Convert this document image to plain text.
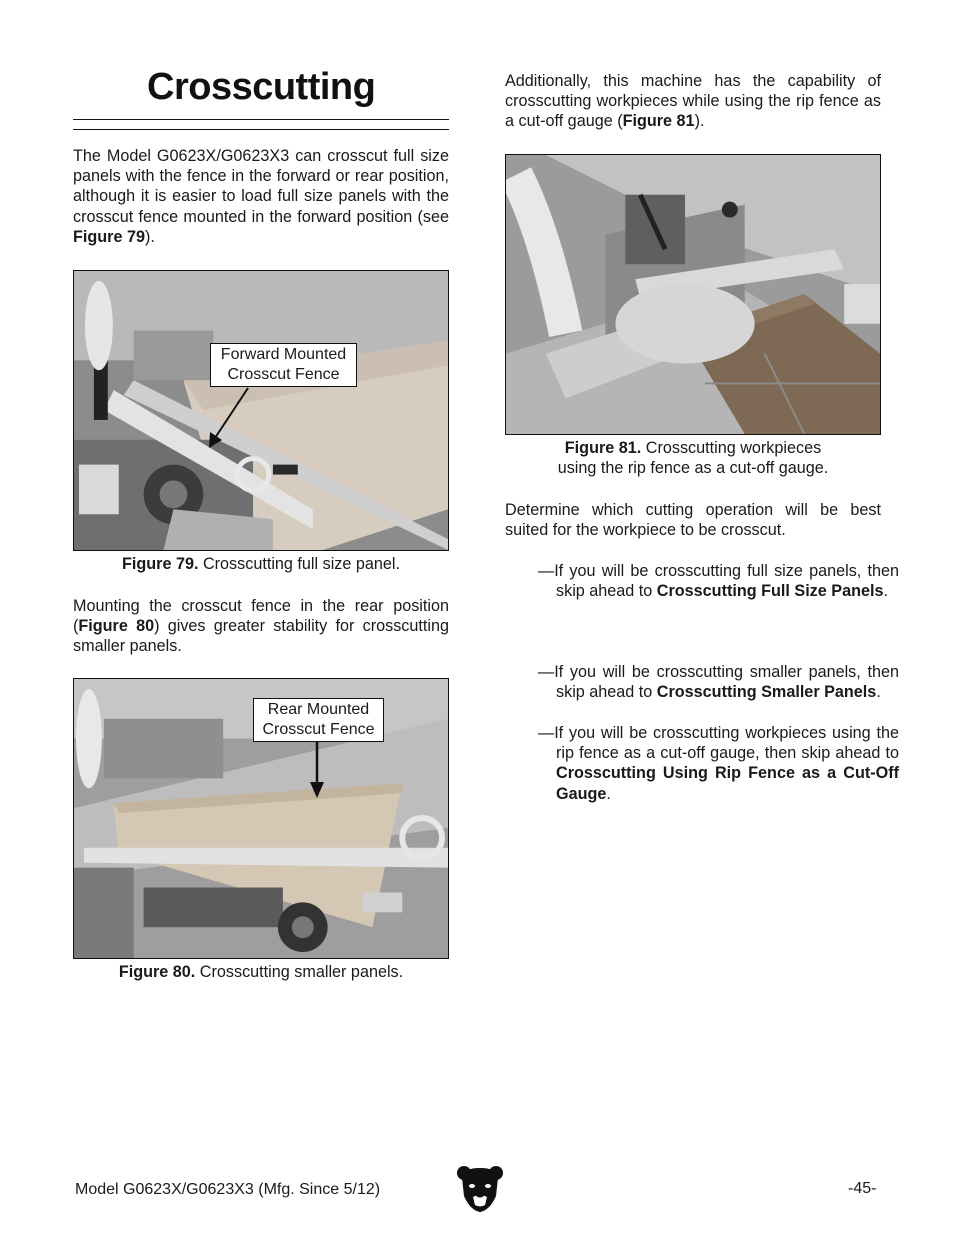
Crosscutting

The Model G0623X/G0623X3 can crosscut full size panels with the fence in the forward or rear position, although it is easier to load full size panels with the crosscut fence mounted in the forward position (see Figure 79).

Forward Mounted
Crosscut Fence

Figure 79. Crosscutting full size panel.

Mounting the crosscut fence in the rear position (Figure 80) gives greater stability for crosscutting smaller panels.

Rear Mounted
Crosscut Fence

Figure 80. Crosscutting smaller panels.

Additionally, this machine has the capability of crosscutting workpieces while using the rip fence as a cut-off gauge (Figure 81).

Figure 81. Crosscutting workpieces
using the rip fence as a cut-off gauge.

Determine which cutting operation will be best suited for the workpiece to be crosscut.

—If you will be crosscutting full size panels, then skip ahead to Crosscutting Full Size Panels.

—If you will be crosscutting smaller panels, then skip ahead to Crosscutting Smaller Panels.

—If you will be crosscutting workpieces using the rip fence as a cut-off gauge, then skip ahead to Crosscutting Using Rip Fence as a Cut-Off Gauge.

Model G0623X/G0623X3 (Mfg. Since 5/12)	-45-
